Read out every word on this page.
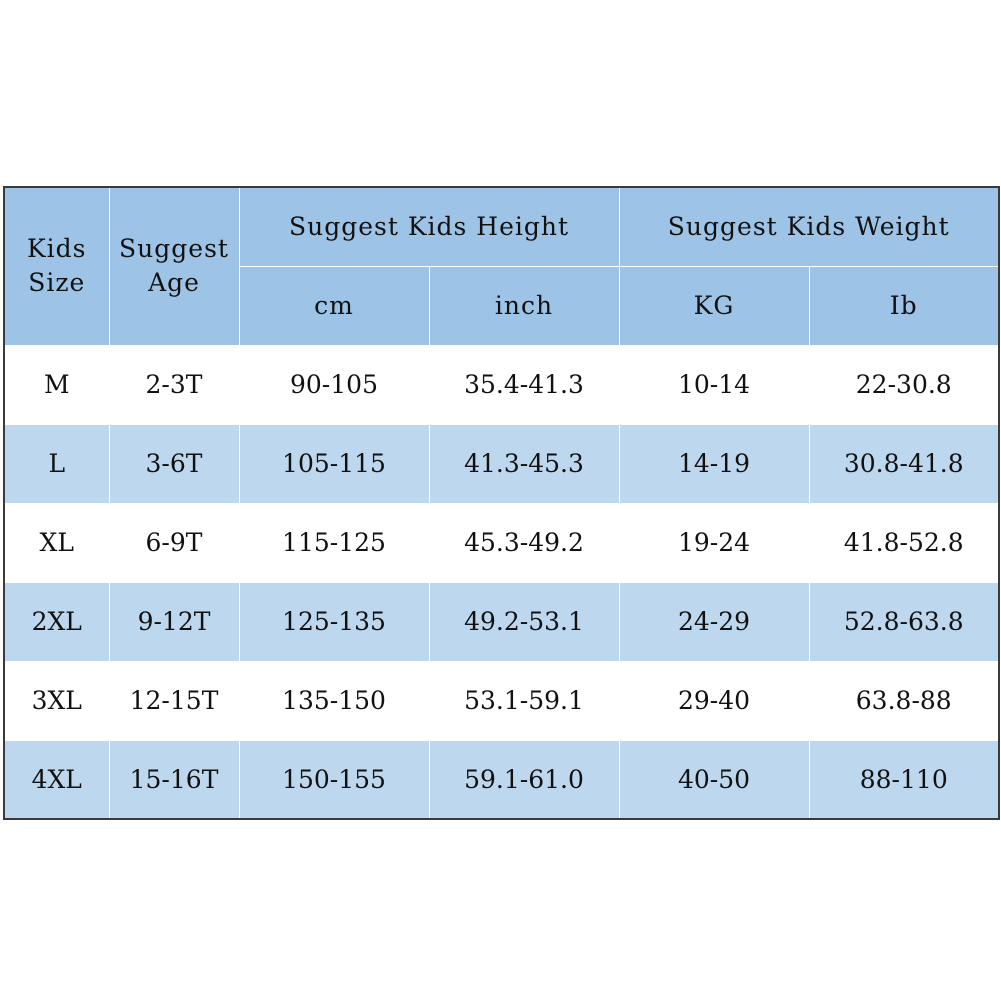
Kids Size	Suggest Age	Suggest Kids Height		Suggest Kids Weight	
		cm	inch	KG	Ib
M	2-3T	90-105	35.4-41.3	10-14	22-30.8
L	3-6T	105-115	41.3-45.3	14-19	30.8-41.8
XL	6-9T	115-125	45.3-49.2	19-24	41.8-52.8
2XL	9-12T	125-135	49.2-53.1	24-29	52.8-63.8
3XL	12-15T	135-150	53.1-59.1	29-40	63.8-88
4XL	15-16T	150-155	59.1-61.0	40-50	88-110
